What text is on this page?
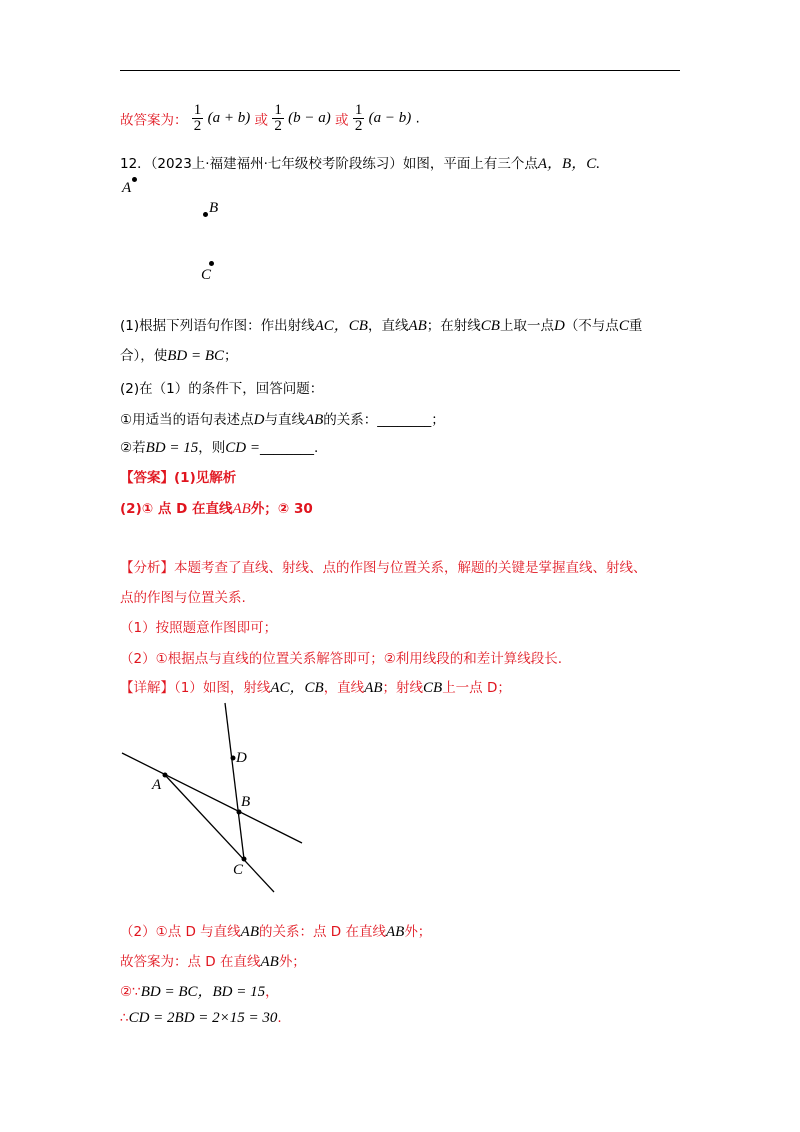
故答案为： $\frac{1}{2} (a + b)$ 或 $\frac{1}{2} (b - a)$ 或 $\frac{1}{2} (a - b)$ .
12．（2023上·福建福州·七年级校考阶段练习）如图，平面上有三个点A，B，C.
A
B
C
(1)根据下列语句作图：作出射线AC，CB，直线AB；在射线CB上取一点D（不与点C重
合），使BD = BC；
(2)在（1）的条件下，回答问题：
①用适当的语句表述点D与直线AB的关系：________；
②若BD = 15，则CD =________.
【答案】(1)见解析
(2)① 点 D 在直线AB外；② 30
【分析】本题考查了直线、射线、点的作图与位置关系，解题的关键是掌握直线、射线、
点的作图与位置关系.
（1）按照题意作图即可；
（2）①根据点与直线的位置关系解答即可；②利用线段的和差计算线段长.
【详解】（1）如图，射线AC，CB，直线AB；射线CB上一点 D；
A
B
C
D
（2）①点 D 与直线AB的关系：点 D 在直线AB外；
故答案为：点 D 在直线AB外；
②∵BD = BC，BD = 15，
∴CD = 2BD = 2×15 = 30.
